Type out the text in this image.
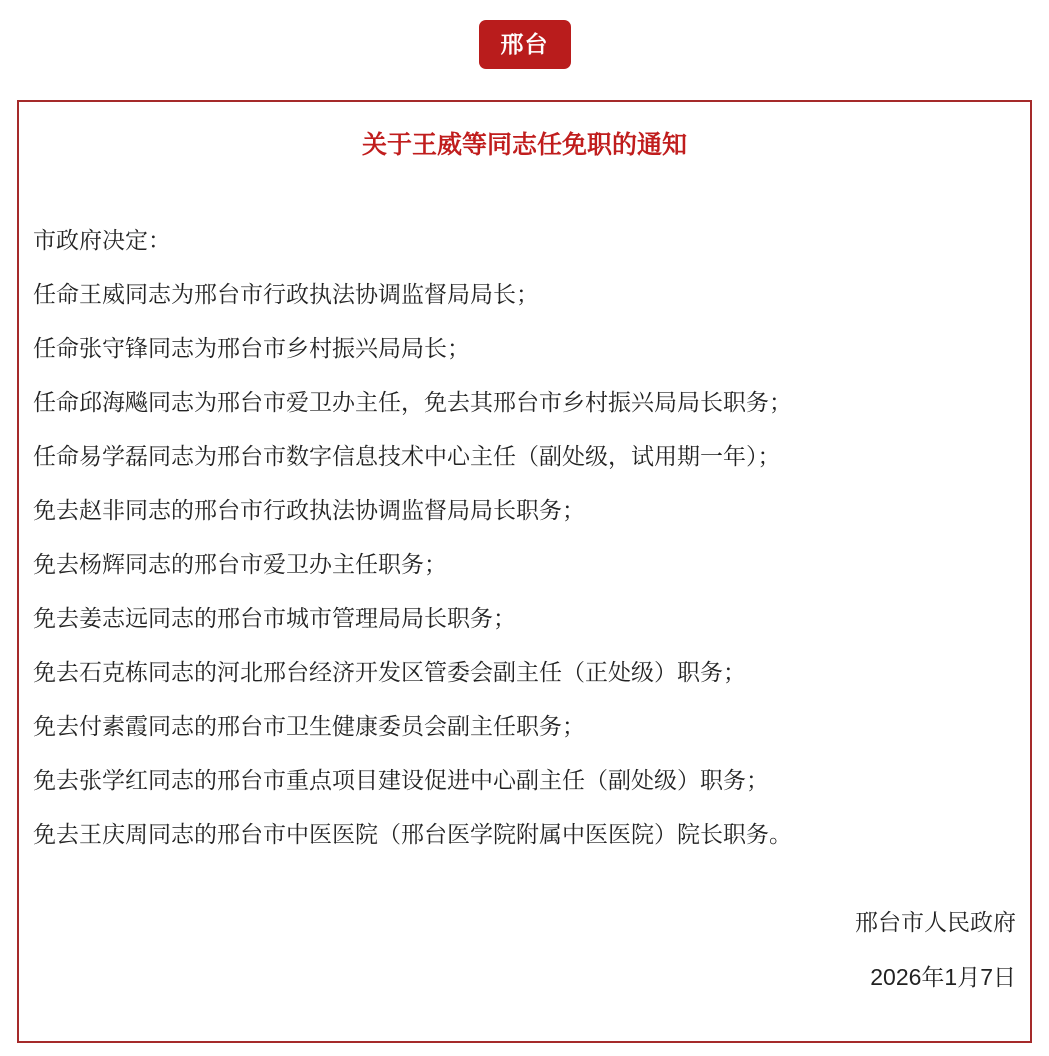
邢台
关于王威等同志任免职的通知

市政府决定：

任命王威同志为邢台市行政执法协调监督局局长；

任命张守锋同志为邢台市乡村振兴局局长；

任命邱海飚同志为邢台市爱卫办主任，免去其邢台市乡村振兴局局长职务；

任命易学磊同志为邢台市数字信息技术中心主任（副处级，试用期一年）；

免去赵非同志的邢台市行政执法协调监督局局长职务；

免去杨辉同志的邢台市爱卫办主任职务；

免去姜志远同志的邢台市城市管理局局长职务；

免去石克栋同志的河北邢台经济开发区管委会副主任（正处级）职务；

免去付素霞同志的邢台市卫生健康委员会副主任职务；

免去张学红同志的邢台市重点项目建设促进中心副主任（副处级）职务；

免去王庆周同志的邢台市中医医院（邢台医学院附属中医医院）院长职务。

邢台市人民政府
2026年1月7日
